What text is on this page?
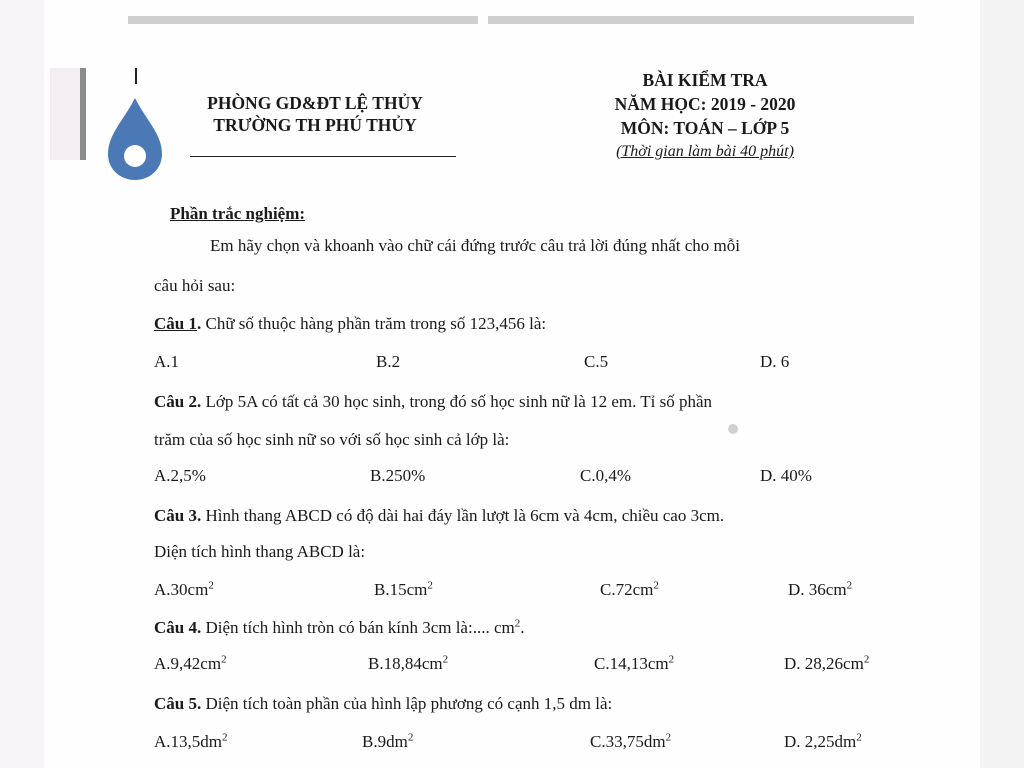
PHÒNG GD&ĐT LỆ THỦY
TRƯỜNG TH PHÚ THỦY
BÀI KIỂM TRA
NĂM HỌC: 2019 - 2020
MÔN: TOÁN – LỚP 5
(Thời gian làm bài 40 phút)
Phần trắc nghiệm:
Em hãy chọn và khoanh vào chữ cái đứng trước câu trả lời đúng nhất cho mỗi
câu hỏi sau:
Câu 1. Chữ số thuộc hàng phần trăm trong số 123,456 là:
A.1	B.2	C.5	D. 6
Câu 2. Lớp 5A có tất cả 30 học sinh, trong đó số học sinh nữ là 12 em. Tỉ số phần
trăm của số học sinh nữ so với số học sinh cả lớp là:
A.2,5%	B.250%	C.0,4%	D. 40%
Câu 3. Hình thang ABCD có độ dài hai đáy lần lượt là 6cm và 4cm, chiều cao 3cm.
Diện tích hình thang ABCD là:
$A.30cm^2$	$B.15cm^2$	$C.72cm^2$	D. $36cm^2$
Câu 4. Diện tích hình tròn có bán kính 3cm là:.... $cm^2$.
$A.9,42cm^2$	$B.18,84cm^2$	$C.14,13cm^2$	D. $28,26cm^2$
Câu 5. Diện tích toàn phần của hình lập phương có cạnh 1,5 dm là:
$A.13,5dm^2$	$B.9dm^2$	$C.33,75dm^2$	D. $2,25dm^2$
